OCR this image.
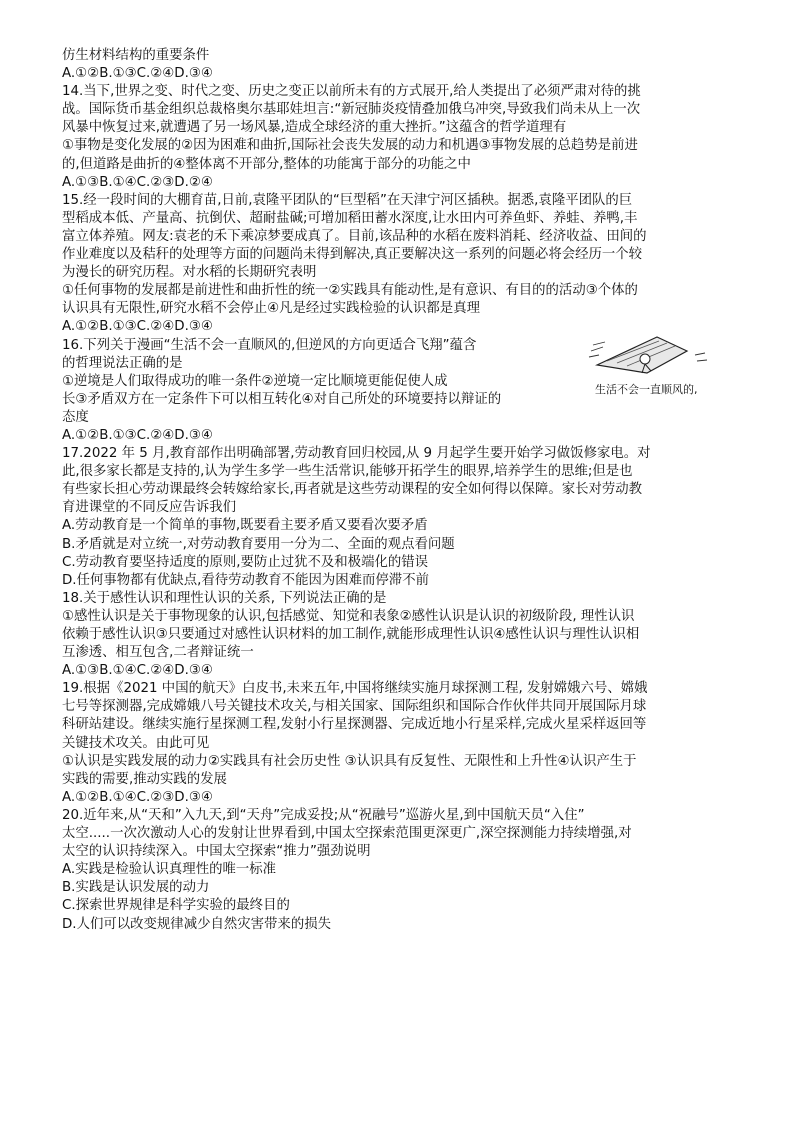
仿生材料结构的重要条件
A.①②B.①③C.②④D.③④
14.当下,世界之变、时代之变、历史之变正以前所未有的方式展开,给人类提出了必须严肃对待的挑
战。国际货币基金组织总裁格奥尔基耶娃坦言:“新冠肺炎疫情叠加俄乌冲突,导致我们尚未从上一次
风暴中恢复过来,就遭遇了另一场风暴,造成全球经济的重大挫折。”这蕴含的哲学道理有
①事物是变化发展的②因为困难和曲折,国际社会丧失发展的动力和机遇③事物发展的总趋势是前进
的,但道路是曲折的④整体离不开部分,整体的功能寓于部分的功能之中
A.①③B.①④C.②③D.②④
15.经一段时间的大棚育苗,日前,袁隆平团队的“巨型稻”在天津宁河区插秧。据悉,袁隆平团队的巨
型稻成本低、产量高、抗倒伏、超耐盐碱;可增加稻田蓄水深度,让水田内可养鱼虾、养蛙、养鸭,丰
富立体养殖。网友:袁老的禾下乘凉梦要成真了。目前,该品种的水稻在废料消耗、经济收益、田间的
作业难度以及秸秆的处理等方面的问题尚未得到解决,真正要解决这一系列的问题必将会经历一个较
为漫长的研究历程。对水稻的长期研究表明
①任何事物的发展都是前进性和曲折性的统一②实践具有能动性,是有意识、有目的的活动③个体的
认识具有无限性,研究水稻不会停止④凡是经过实践检验的认识都是真理
A.①②B.①③C.②④D.③④
16.下列关于漫画“生活不会一直顺风的,但逆风的方向更适合飞翔”蕴含
的哲理说法正确的是
①逆境是人们取得成功的唯一条件②逆境一定比顺境更能促使人成
长③矛盾双方在一定条件下可以相互转化④对自己所处的环境要持以辩证的
态度
A.①②B.①③C.②④D.③④
生活不会一直顺风的,
17.2022 年 5 月,教育部作出明确部署,劳动教育回归校园,从 9 月起学生要开始学习做饭修家电。对
此,很多家长都是支持的,认为学生多学一些生活常识,能够开拓学生的眼界,培养学生的思维;但是也
有些家长担心劳动课最终会转嫁给家长,再者就是这些劳动课程的安全如何得以保障。家长对劳动教
育进课堂的不同反应告诉我们
A.劳动教育是一个简单的事物,既要看主要矛盾又要看次要矛盾
B.矛盾就是对立统一,对劳动教育要用一分为二、全面的观点看问题
C.劳动教育要坚持适度的原则,要防止过犹不及和极端化的错误
D.任何事物都有优缺点,看待劳动教育不能因为困难而停滞不前
18.关于感性认识和理性认识的关系, 下列说法正确的是
①感性认识是关于事物现象的认识,包括感觉、知觉和表象②感性认识是认识的初级阶段, 理性认识
依赖于感性认识③只要通过对感性认识材料的加工制作,就能形成理性认识④感性认识与理性认识相
互渗透、相互包含,二者辩证统一
A.①③B.①④C.②④D.③④
19.根据《2021 中国的航天》白皮书,未来五年,中国将继续实施月球探测工程, 发射嫦娥六号、嫦娥
七号等探测器,完成嫦娥八号关键技术攻关,与相关国家、国际组织和国际合作伙伴共同开展国际月球
科研站建设。继续实施行星探测工程,发射小行星探测器、完成近地小行星采样,完成火星采样返回等
关键技术攻关。由此可见
①认识是实践发展的动力②实践具有社会历史性 ③认识具有反复性、无限性和上升性④认识产生于
实践的需要,推动实践的发展
A.①②B.①④C.②③D.③④
20.近年来,从“天和”入九天,到“天舟”完成妥投;从“祝融号”巡游火星,到中国航天员“入住”
太空.....一次次激动人心的发射让世界看到,中国太空探索范围更深更广,深空探测能力持续增强,对
太空的认识持续深入。中国太空探索“推力”强劲说明
A.实践是检验认识真理性的唯一标准
B.实践是认识发展的动力
C.探索世界规律是科学实验的最终目的
D.人们可以改变规律减少自然灾害带来的损失
